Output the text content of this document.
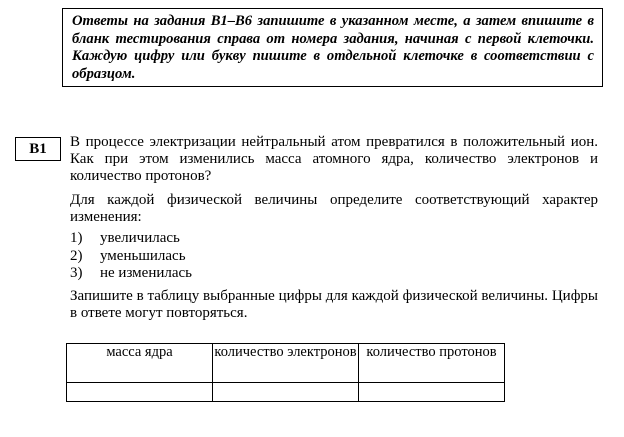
Ответы на задания В1–В6 запишите в указанном месте, а затем впишите в бланк тестирования справа от номера задания, начиная с первой клеточки. Каждую цифру или букву пишите в отдельной клеточке в соответствии с образцом.
B1	В процессе электризации нейтральный атом превратился в положительный ион. Как при этом изменились масса атомного ядра, количество электронов и количество протонов?

Для каждой физической величины определите соответствующий характер изменения:

1)	увеличилась
2)	уменьшилась
3)	не изменилась

Запишите в таблицу выбранные цифры для каждой физической величины. Цифры в ответе могут повторяться.

масса ядра	количество электронов	количество протонов
